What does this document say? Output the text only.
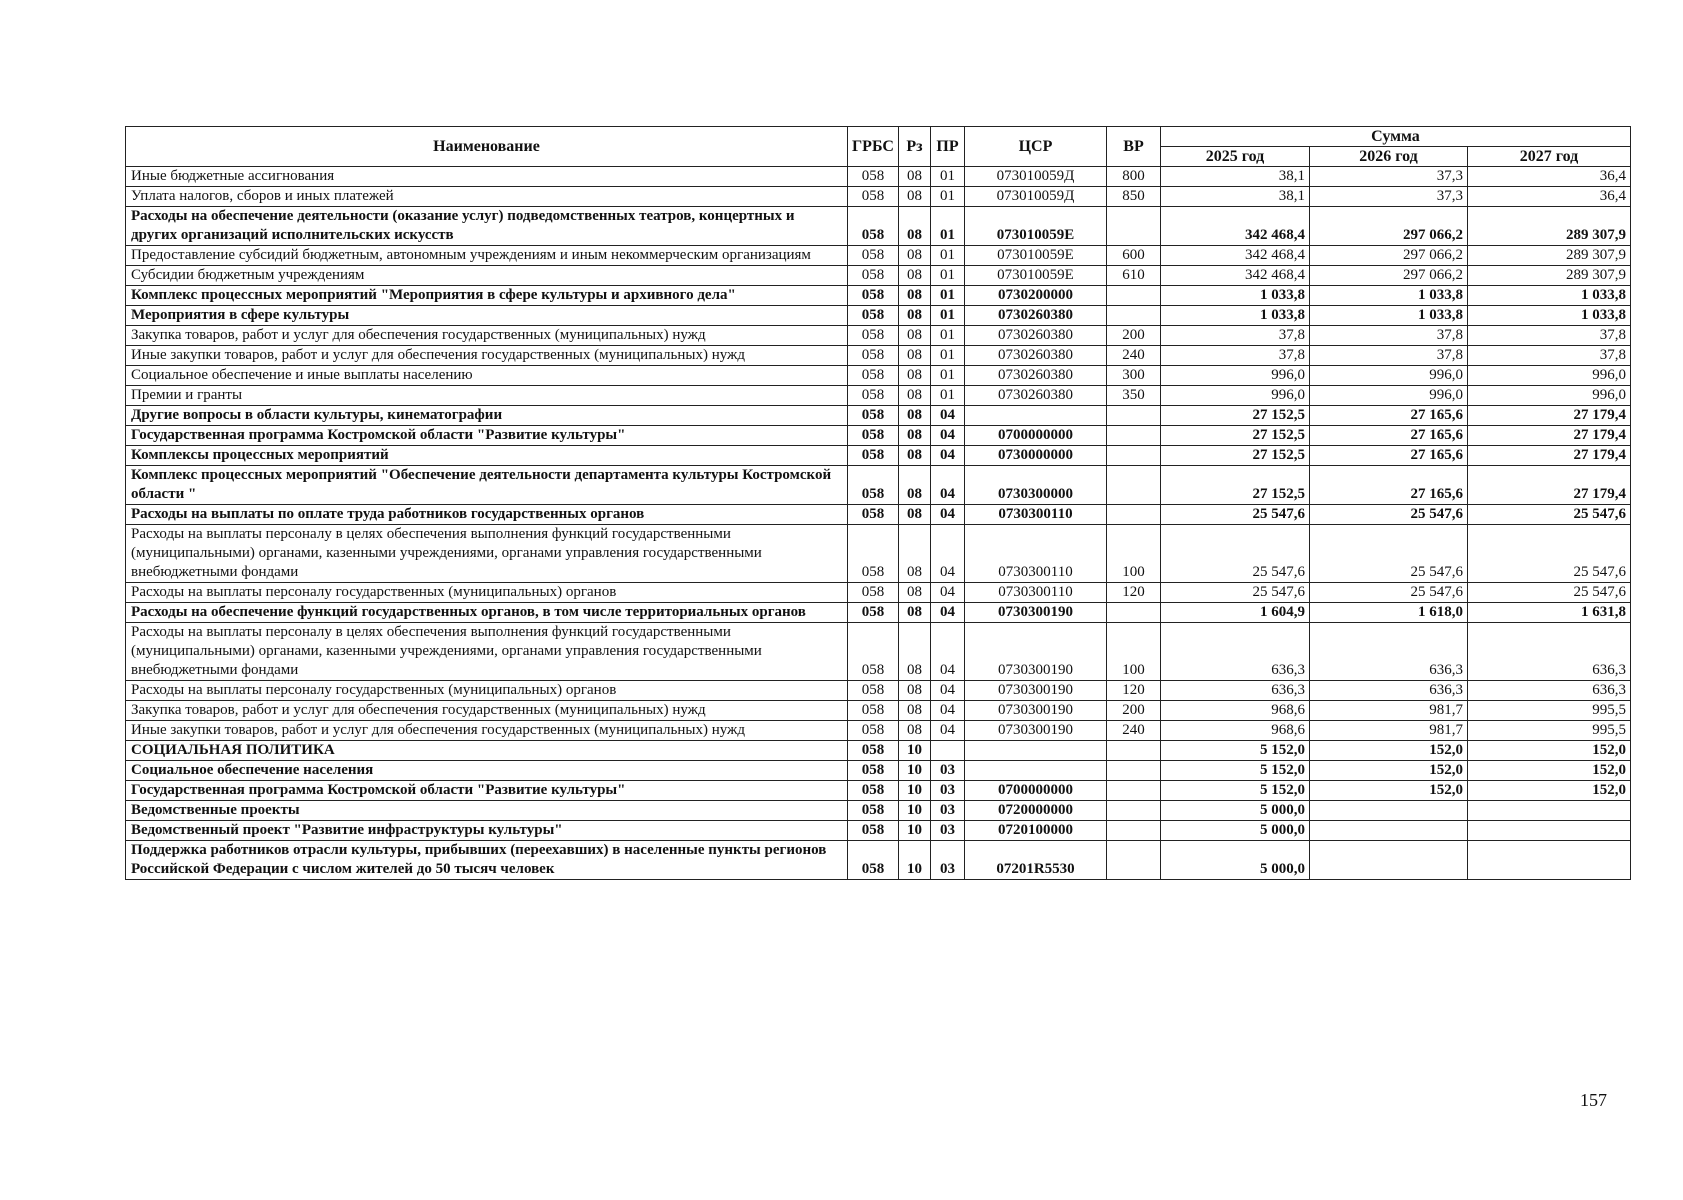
Наименование	ГРБС	Рз	ПР	ЦСР	ВР	Сумма		
						2025 год	2026 год	2027 год
Иные бюджетные ассигнования	058	08	01	073010059Д	800	38,1	37,3	36,4
Уплата налогов, сборов и иных платежей	058	08	01	073010059Д	850	38,1	37,3	36,4
Расходы на обеспечение деятельности (оказание услуг) подведомственных театров, концертных и других организаций исполнительских искусств	058	08	01	073010059Е		342 468,4	297 066,2	289 307,9
Предоставление субсидий бюджетным, автономным учреждениям и иным некоммерческим организациям	058	08	01	073010059Е	600	342 468,4	297 066,2	289 307,9
Субсидии бюджетным учреждениям	058	08	01	073010059Е	610	342 468,4	297 066,2	289 307,9
Комплекс процессных мероприятий "Мероприятия в сфере культуры и архивного дела"	058	08	01	0730200000		1 033,8	1 033,8	1 033,8
Мероприятия в сфере культуры	058	08	01	0730260380		1 033,8	1 033,8	1 033,8
Закупка товаров, работ и услуг для обеспечения государственных (муниципальных) нужд	058	08	01	0730260380	200	37,8	37,8	37,8
Иные закупки товаров, работ и услуг для обеспечения государственных (муниципальных) нужд	058	08	01	0730260380	240	37,8	37,8	37,8
Социальное обеспечение и иные выплаты населению	058	08	01	0730260380	300	996,0	996,0	996,0
Премии и гранты	058	08	01	0730260380	350	996,0	996,0	996,0
Другие вопросы в области культуры, кинематографии	058	08	04			27 152,5	27 165,6	27 179,4
Государственная программа Костромской области "Развитие культуры"	058	08	04	0700000000		27 152,5	27 165,6	27 179,4
Комплексы процессных мероприятий	058	08	04	0730000000		27 152,5	27 165,6	27 179,4
Комплекс процессных мероприятий "Обеспечение деятельности департамента культуры Костромской области "	058	08	04	0730300000		27 152,5	27 165,6	27 179,4
Расходы на выплаты по оплате труда работников государственных органов	058	08	04	0730300110		25 547,6	25 547,6	25 547,6
Расходы на выплаты персоналу в целях обеспечения выполнения функций государственными (муниципальными) органами, казенными учреждениями, органами управления государственными внебюджетными фондами	058	08	04	0730300110	100	25 547,6	25 547,6	25 547,6
Расходы на выплаты персоналу государственных (муниципальных) органов	058	08	04	0730300110	120	25 547,6	25 547,6	25 547,6
Расходы на обеспечение функций государственных органов, в том числе территориальных органов	058	08	04	0730300190		1 604,9	1 618,0	1 631,8
Расходы на выплаты персоналу в целях обеспечения выполнения функций государственными (муниципальными) органами, казенными учреждениями, органами управления государственными внебюджетными фондами	058	08	04	0730300190	100	636,3	636,3	636,3
Расходы на выплаты персоналу государственных (муниципальных) органов	058	08	04	0730300190	120	636,3	636,3	636,3
Закупка товаров, работ и услуг для обеспечения государственных (муниципальных) нужд	058	08	04	0730300190	200	968,6	981,7	995,5
Иные закупки товаров, работ и услуг для обеспечения государственных (муниципальных) нужд	058	08	04	0730300190	240	968,6	981,7	995,5
СОЦИАЛЬНАЯ ПОЛИТИКА	058	10				5 152,0	152,0	152,0
Социальное обеспечение населения	058	10	03			5 152,0	152,0	152,0
Государственная программа Костромской области "Развитие культуры"	058	10	03	0700000000		5 152,0	152,0	152,0
Ведомственные проекты	058	10	03	0720000000		5 000,0		
Ведомственный проект "Развитие инфраструктуры культуры"	058	10	03	0720100000		5 000,0		
Поддержка работников отрасли культуры, прибывших (переехавших) в населенные пункты регионов Российской Федерации с числом жителей до 50 тысяч человек	058	10	03	07201R5530		5 000,0		
157
